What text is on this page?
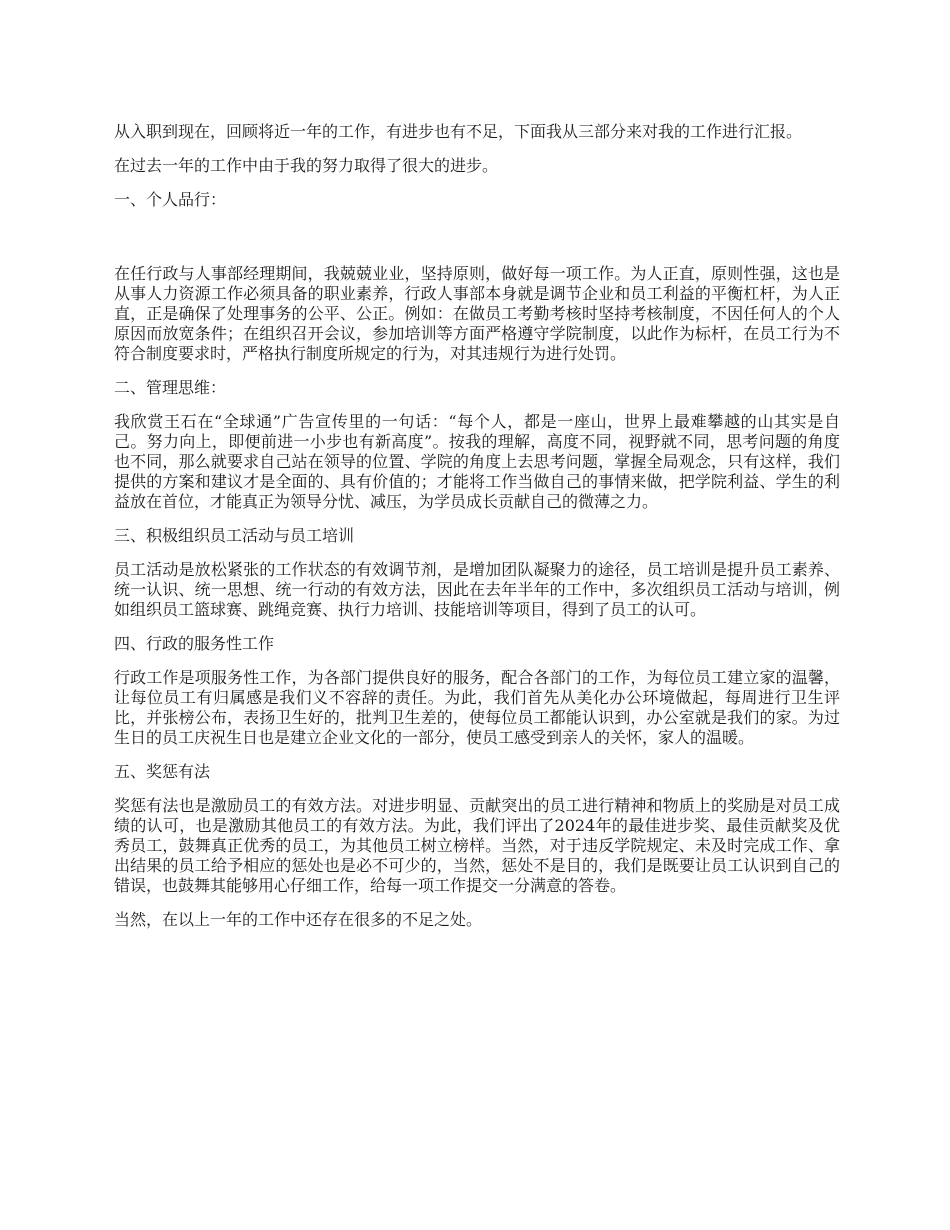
从入职到现在，回顾将近一年的工作，有进步也有不足，下面我从三部分来对我的工作进行汇报。

在过去一年的工作中由于我的努力取得了很大的进步。

一、个人品行：

在任行政与人事部经理期间，我兢兢业业，坚持原则，做好每一项工作。为人正直，原则性强，这也是从事人力资源工作必须具备的职业素养，行政人事部本身就是调节企业和员工利益的平衡杠杆，为人正直，正是确保了处理事务的公平、公正。例如：在做员工考勤考核时坚持考核制度，不因任何人的个人原因而放宽条件；在组织召开会议，参加培训等方面严格遵守学院制度，以此作为标杆，在员工行为不符合制度要求时，严格执行制度所规定的行为，对其违规行为进行处罚。

二、管理思维：

我欣赏王石在“全球通”广告宣传里的一句话：“每个人，都是一座山，世界上最难攀越的山其实是自己。努力向上，即便前进一小步也有新高度”。按我的理解，高度不同，视野就不同，思考问题的角度也不同，那么就要求自己站在领导的位置、学院的角度上去思考问题，掌握全局观念，只有这样，我们提供的方案和建议才是全面的、具有价值的；才能将工作当做自己的事情来做，把学院利益、学生的利益放在首位，才能真正为领导分忧、减压，为学员成长贡献自己的微薄之力。

三、积极组织员工活动与员工培训

员工活动是放松紧张的工作状态的有效调节剂，是增加团队凝聚力的途径，员工培训是提升员工素养、统一认识、统一思想、统一行动的有效方法，因此在去年半年的工作中，多次组织员工活动与培训，例如组织员工篮球赛、跳绳竞赛、执行力培训、技能培训等项目，得到了员工的认可。

四、行政的服务性工作

行政工作是项服务性工作，为各部门提供良好的服务，配合各部门的工作，为每位员工建立家的温馨，让每位员工有归属感是我们义不容辞的责任。为此，我们首先从美化办公环境做起，每周进行卫生评比，并张榜公布，表扬卫生好的，批判卫生差的，使每位员工都能认识到，办公室就是我们的家。为过生日的员工庆祝生日也是建立企业文化的一部分，使员工感受到亲人的关怀，家人的温暖。

五、奖惩有法

奖惩有法也是激励员工的有效方法。对进步明显、贡献突出的员工进行精神和物质上的奖励是对员工成绩的认可，也是激励其他员工的有效方法。为此，我们评出了2024年的最佳进步奖、最佳贡献奖及优秀员工，鼓舞真正优秀的员工，为其他员工树立榜样。当然，对于违反学院规定、未及时完成工作、拿出结果的员工给予相应的惩处也是必不可少的，当然，惩处不是目的，我们是既要让员工认识到自己的错误，也鼓舞其能够用心仔细工作，给每一项工作提交一分满意的答卷。

当然，在以上一年的工作中还存在很多的不足之处。
